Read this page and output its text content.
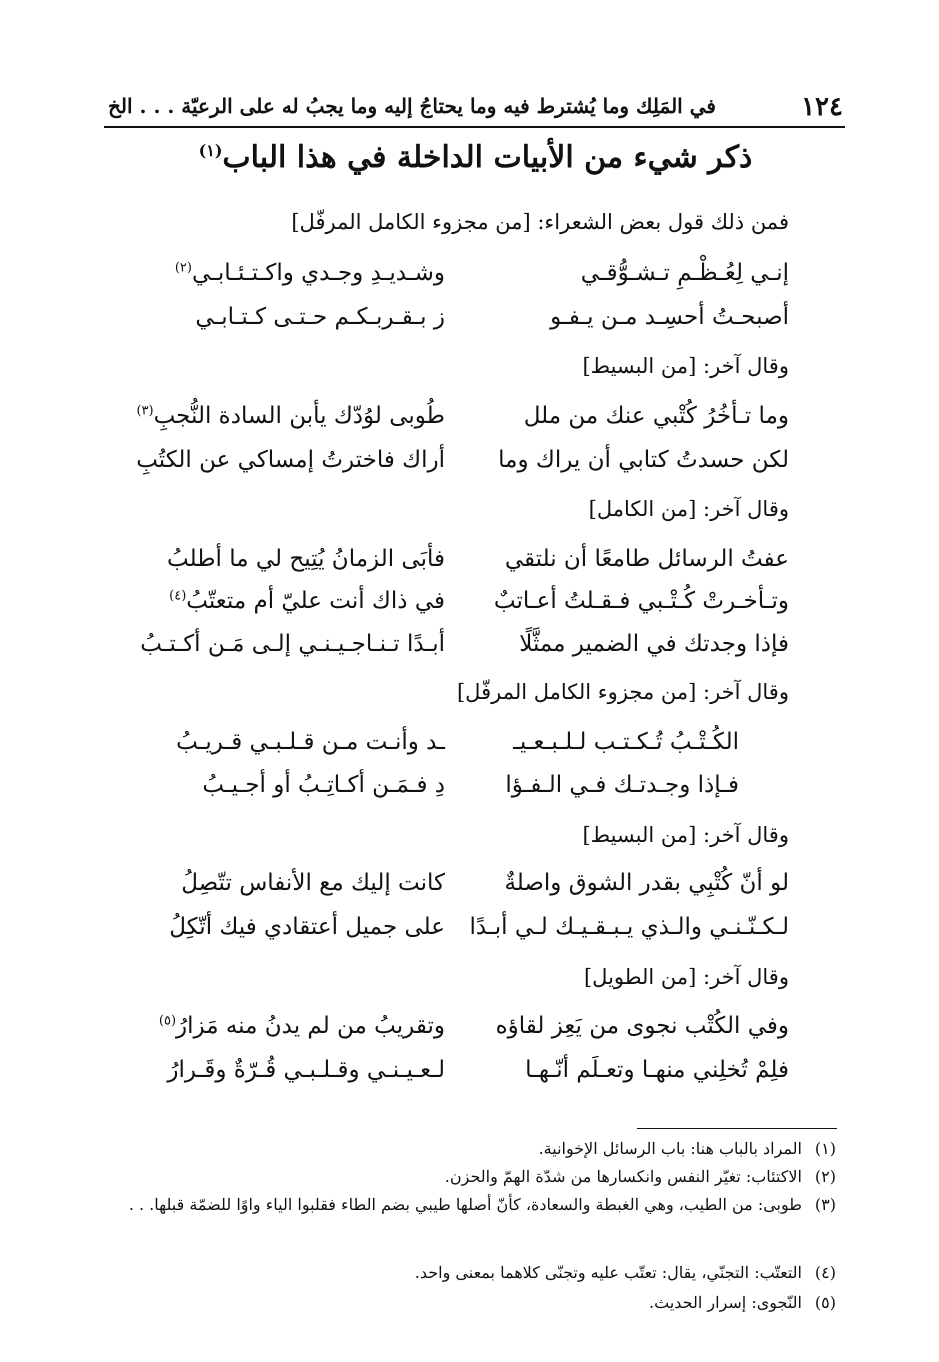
١٢٤
في المَلِك وما يُشترط فيه وما يحتاجُ إليه وما يجبُ له على الرعيّة . . . الخ
ذكر شيء من الأبيات الداخلة في هذا الباب$^{(١)}$
فمن ذلك قول بعض الشعراء: [من مجزوء الكامل المرفّل]
إنـي لِعُـظْـمِ تـشـوُّقـي
وشـديـدِ وجـدي واكـتـئـابـي$^{(٢)}$
أصبحـتُ أحسِـد مـن يـفـو
ز بـقـربـكـم حـتـى كـتـابـي
وقال آخر: [من البسيط]
وما تـأخُرُ كُتْبي عنك من ملل
طُوبى لوُدّك يأبن السادة النُّجبِ$^{(٣)}$
لكن حسدتُ كتابي أن يراك وما
أراك فاخترتُ إمساكي عن الكتُبِ
وقال آخر: [من الكامل]
عفتُ الرسائل طامعًا أن نلتقي
فأبَى الزمانُ يُتِيح لي ما أطلبُ
وتـأخـرتْ كُـتْـبي فـقـلتُ أعـاتبٌ
في ذاك أنت عليّ أم متعتّبُ$^{(٤)}$
فإذا وجدتك في الضمير ممثَّلًا
أبـدًا تـنـاجـيـنـي إلـى مَـن أكـتـبُ
وقال آخر: [من مجزوء الكامل المرفّل]
الكُـتْـبُ تُـكـتـب لـلـبـعـيـ
ـد وأنـت مـن قـلـبـي قـريـبُ
فـإذا وجـدتـك فـي الـفـؤا
دِ فـمَـن أكـاتِـبُ أو أجـيـبُ
وقال آخر: [من البسيط]
لو أنّ كُتْبِي بقدر الشوق واصلةٌ
كانت إليك مع الأنفاس تتّصِلُ
لـكـنّـنـي والـذي يـبـقـيـك لـي أبـدًا
على جميل أعتقادي فيك أتّكِلُ
وقال آخر: [من الطويل]
وفي الكُتْب نجوى من يَعِز لقاؤه
وتقريبُ من لم يدنُ منه مَزارُ$^{(٥)}$
فلِمْ تُخلِني منهـا وتعـلَم أنّـهـا
لـعـيـنـي وقـلـبـي قُـرّةٌ وقَـرارُ
(١)المراد بالباب هنا: باب الرسائل الإخوانية.
(٢)الاكتئاب: تغيّر النفس وانكسارها من شدّة الهمّ والحزن.
(٣)طوبى: من الطيب، وهي الغبطة والسعادة، كأنّ أصلها طيبي بضم الطاء فقلبوا الياء واوًا للضمّة قبلها. . .
(٤)التعتّب: التجنّي، يقال: تعتّب عليه وتجنّى كلاهما بمعنى واحد.
(٥)النّجوى: إسرار الحديث.
